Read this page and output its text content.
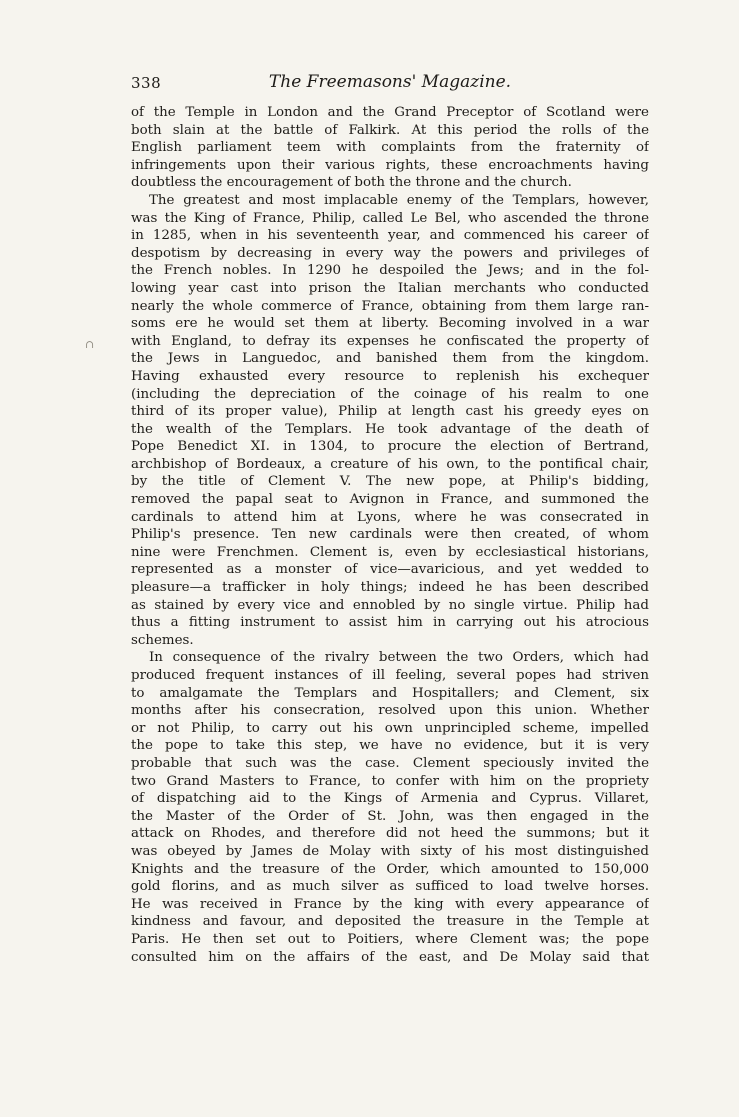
338	The Freemasons' Magazine.
∩
of the Temple in London and the Grand Preceptor of Scotland were
both slain at the battle of Falkirk. At this period the rolls of the
English parliament teem with complaints from the fraternity of
infringements upon their various rights, these encroachments having
doubtless the encouragement of both the throne and the church.
The greatest and most implacable enemy of the Templars, however,
was the King of France, Philip, called Le Bel, who ascended the throne
in 1285, when in his seventeenth year, and commenced his career of
despotism by decreasing in every way the powers and privileges of
the French nobles. In 1290 he despoiled the Jews; and in the fol-
lowing year cast into prison the Italian merchants who conducted
nearly the whole commerce of France, obtaining from them large ran-
soms ere he would set them at liberty. Becoming involved in a war
with England, to defray its expenses he confiscated the property of
the Jews in Languedoc, and banished them from the kingdom.
Having exhausted every resource to replenish his exchequer
(including the depreciation of the coinage of his realm to one
third of its proper value), Philip at length cast his greedy eyes on
the wealth of the Templars. He took advantage of the death of
Pope Benedict XI. in 1304, to procure the election of Bertrand,
archbishop of Bordeaux, a creature of his own, to the pontifical chair,
by the title of Clement V. The new pope, at Philip's bidding,
removed the papal seat to Avignon in France, and summoned the
cardinals to attend him at Lyons, where he was consecrated in
Philip's presence. Ten new cardinals were then created, of whom
nine were Frenchmen. Clement is, even by ecclesiastical historians,
represented as a monster of vice—avaricious, and yet wedded to
pleasure—a trafficker in holy things; indeed he has been described
as stained by every vice and ennobled by no single virtue. Philip had
thus a fitting instrument to assist him in carrying out his atrocious
schemes.
In consequence of the rivalry between the two Orders, which had
produced frequent instances of ill feeling, several popes had striven
to amalgamate the Templars and Hospitallers; and Clement, six
months after his consecration, resolved upon this union. Whether
or not Philip, to carry out his own unprincipled scheme, impelled
the pope to take this step, we have no evidence, but it is very
probable that such was the case. Clement speciously invited the
two Grand Masters to France, to confer with him on the propriety
of dispatching aid to the Kings of Armenia and Cyprus. Villaret,
the Master of the Order of St. John, was then engaged in the
attack on Rhodes, and therefore did not heed the summons; but it
was obeyed by James de Molay with sixty of his most distinguished
Knights and the treasure of the Order, which amounted to 150,000
gold florins, and as much silver as sufficed to load twelve horses.
He was received in France by the king with every appearance of
kindness and favour, and deposited the treasure in the Temple at
Paris. He then set out to Poitiers, where Clement was; the pope
consulted him on the affairs of the east, and De Molay said that
